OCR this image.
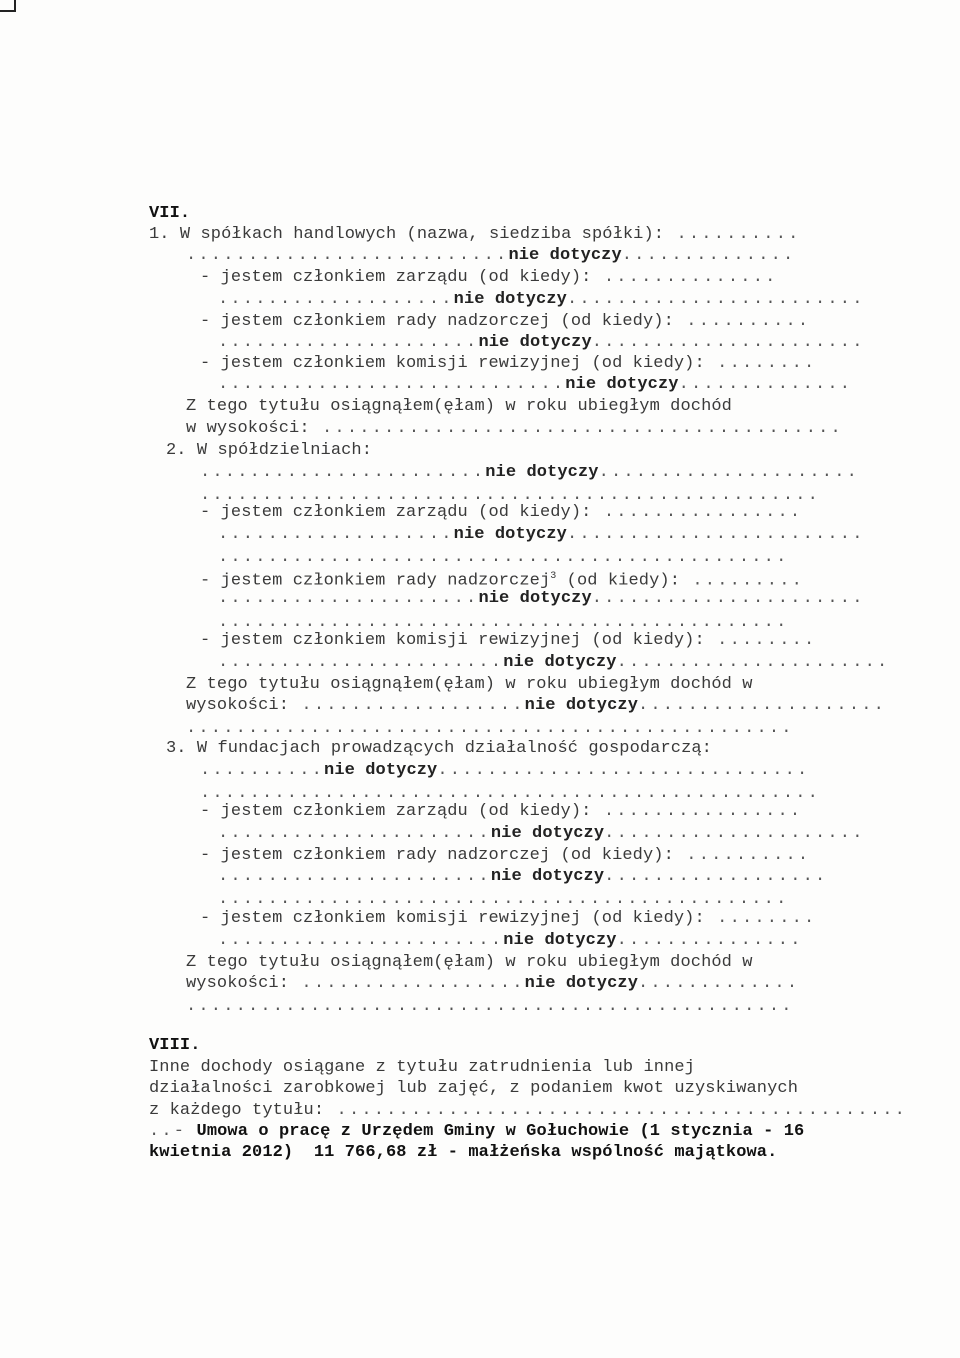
VII.
1. W spółkach handlowych (nazwa, siedziba spółki): ..........
..........................nie dotyczy..............
- jestem członkiem zarządu (od kiedy): ..............
...................nie dotyczy........................
- jestem członkiem rady nadzorczej (od kiedy): ..........
.....................nie dotyczy......................
- jestem członkiem komisji rewizyjnej (od kiedy): ........
............................nie dotyczy..............
Z tego tytułu osiągnąłem(ęłam) w roku ubiegłym dochód
w wysokości: ..........................................
2. W spółdzielniach:
.......................nie dotyczy.....................
..................................................
- jestem członkiem zarządu (od kiedy): ................
...................nie dotyczy........................
..............................................
- jestem członkiem rady nadzorczej$^3$ (od kiedy): .........
.....................nie dotyczy......................
..............................................
- jestem członkiem komisji rewizyjnej (od kiedy): ........
.......................nie dotyczy......................
Z tego tytułu osiągnąłem(ęłam) w roku ubiegłym dochód w
wysokości: ..................nie dotyczy....................
.................................................
3. W fundacjach prowadzących działalność gospodarczą:
..........nie dotyczy..............................
..................................................
- jestem członkiem zarządu (od kiedy): ................
......................nie dotyczy.....................
- jestem członkiem rady nadzorczej (od kiedy): ..........
......................nie dotyczy..................
..............................................
- jestem członkiem komisji rewizyjnej (od kiedy): ........
.......................nie dotyczy...............
Z tego tytułu osiągnąłem(ęłam) w roku ubiegłym dochód w
wysokości: ..................nie dotyczy.............
.................................................
VIII.
Inne dochody osiągane z tytułu zatrudnienia lub innej
działalności zarobkowej lub zajęć, z podaniem kwot uzyskiwanych
z każdego tytułu: ..............................................
..- Umowa o pracę z Urzędem Gminy w Gołuchowie (1 stycznia - 16
kwietnia 2012)  11 766,68 zł - małżeńska wspólność majątkowa.
